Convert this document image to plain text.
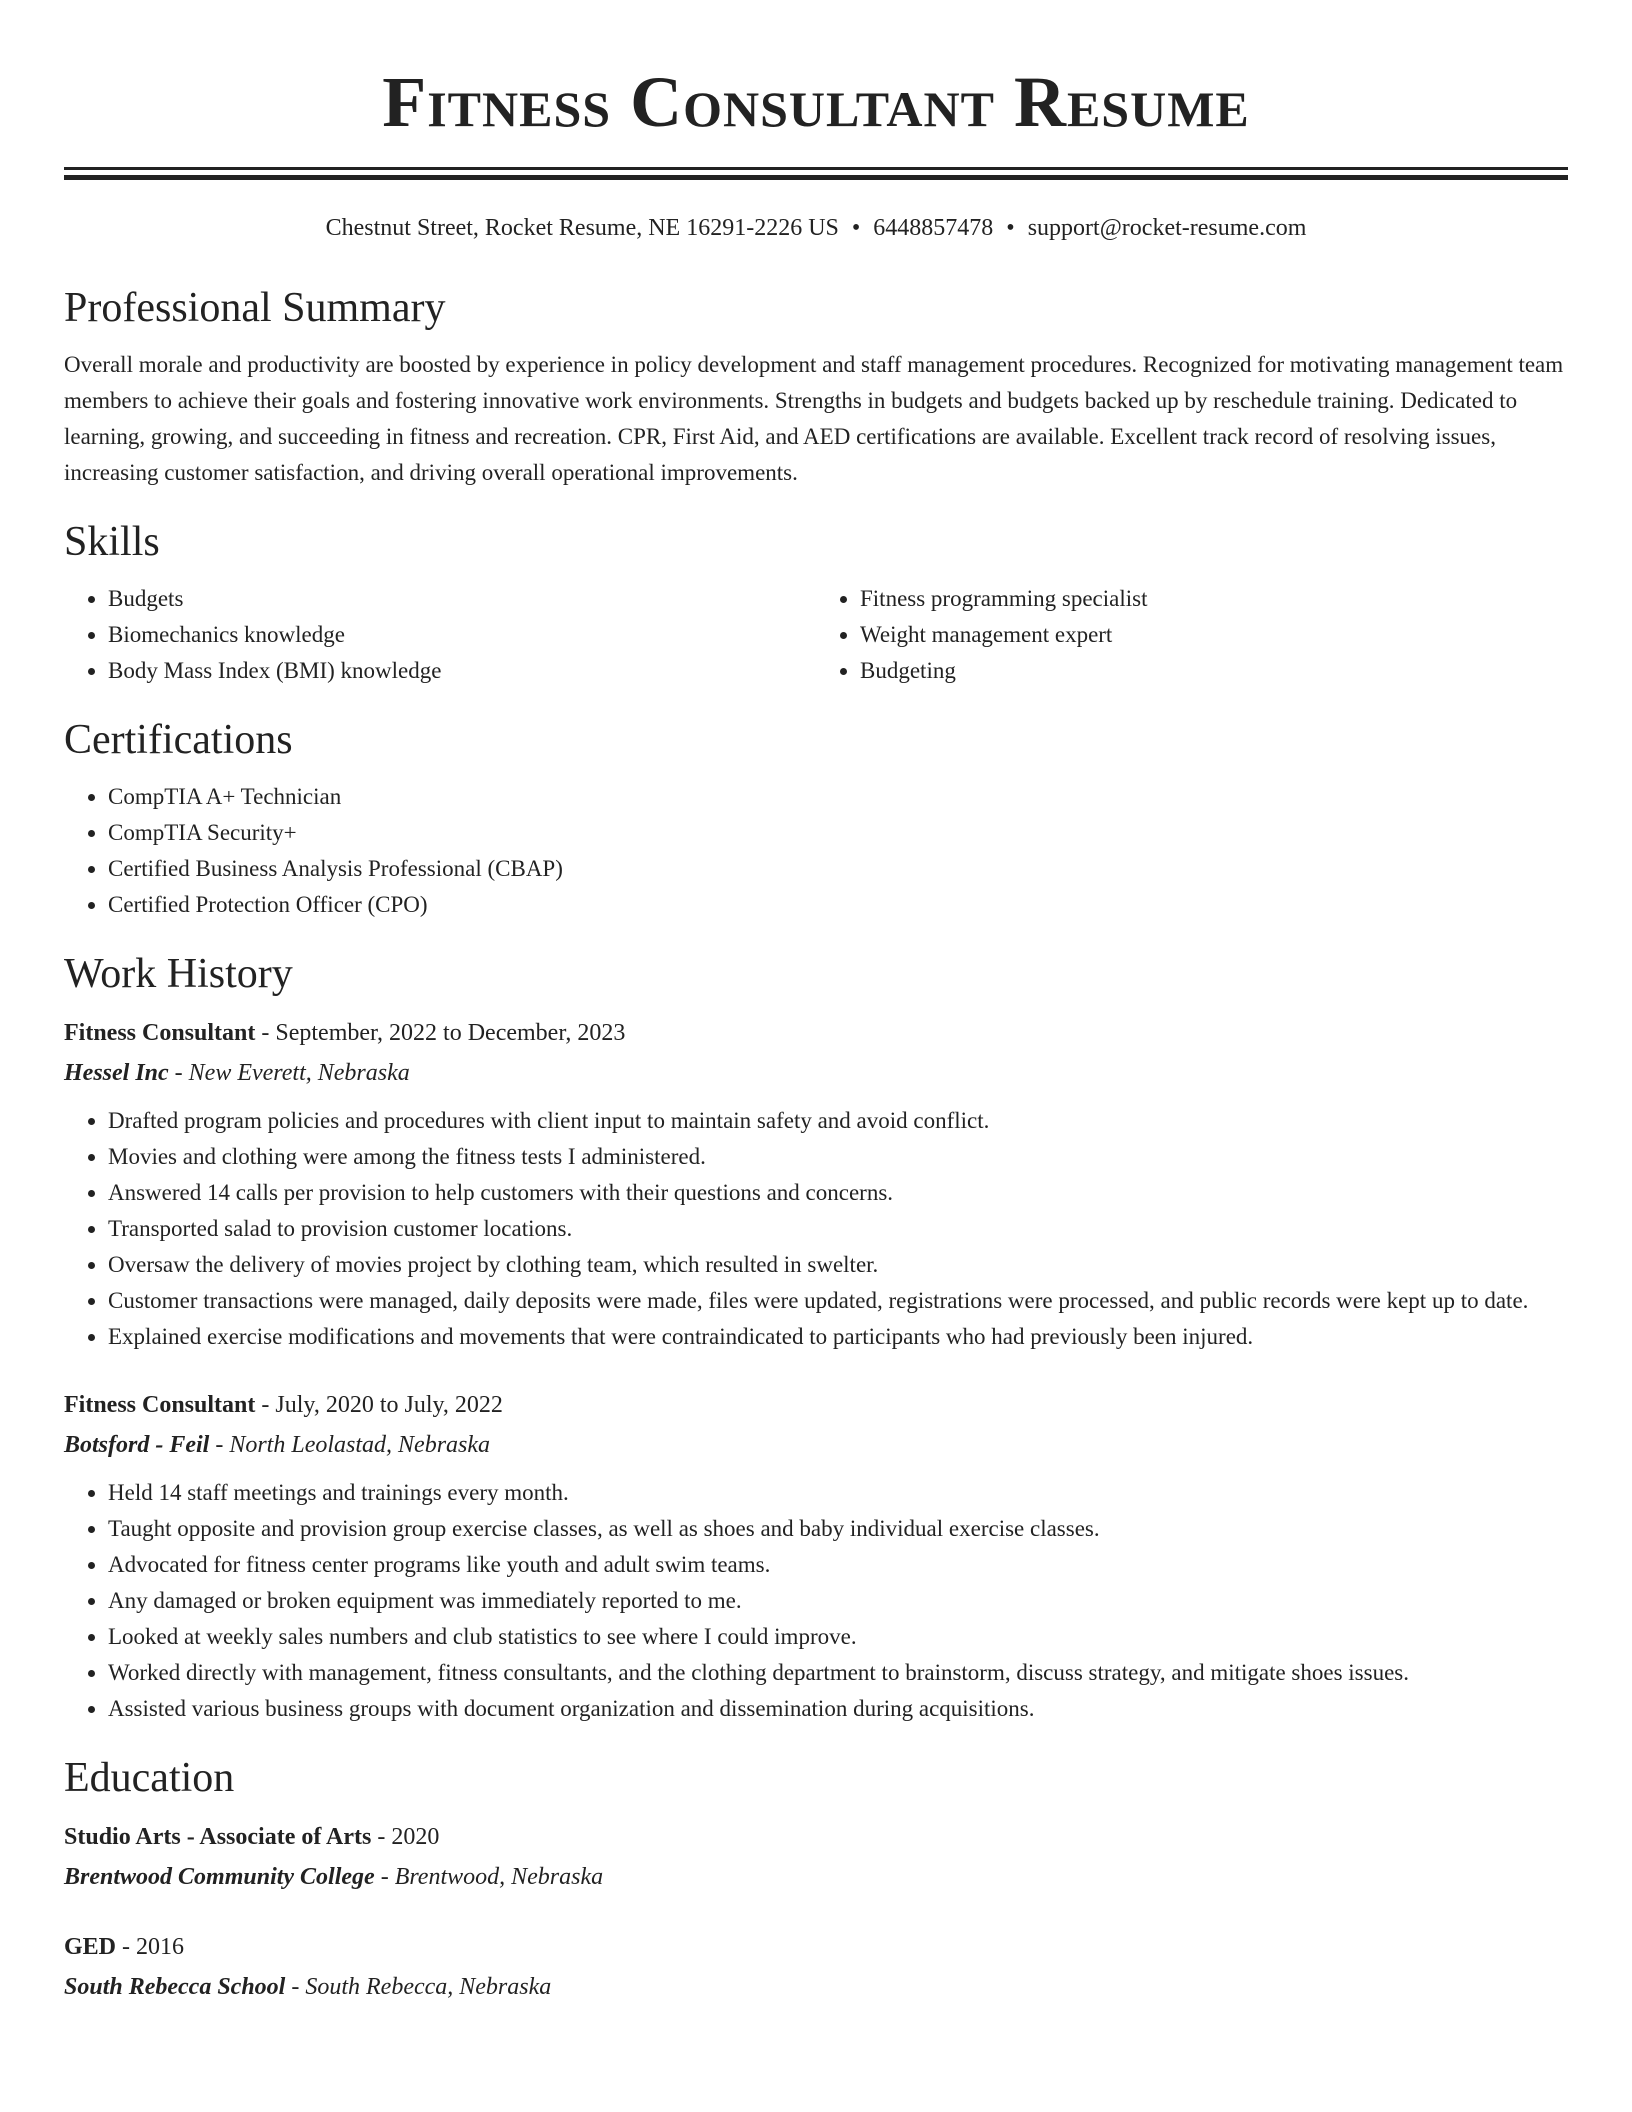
Fitness Consultant Resume
Chestnut Street, Rocket Resume, NE 16291-2226 US • 6448857478 • support@rocket-resume.com
Professional Summary

Overall morale and productivity are boosted by experience in policy development and staff management procedures. Recognized for motivating management team members to achieve their goals and fostering innovative work environments. Strengths in budgets and budgets backed up by reschedule training. Dedicated to learning, growing, and succeeding in fitness and recreation. CPR, First Aid, and AED certifications are available. Excellent track record of resolving issues, increasing customer satisfaction, and driving overall operational improvements.

Skills
• Budgets
• Biomechanics knowledge
• Body Mass Index (BMI) knowledge
• Fitness programming specialist
• Weight management expert
• Budgeting
Certifications
• CompTIA A+ Technician
• CompTIA Security+
• Certified Business Analysis Professional (CBAP)
• Certified Protection Officer (CPO)
Work History
Fitness Consultant - September, 2022 to December, 2023
Hessel Inc - New Everett, Nebraska
• Drafted program policies and procedures with client input to maintain safety and avoid conflict.
• Movies and clothing were among the fitness tests I administered.
• Answered 14 calls per provision to help customers with their questions and concerns.
• Transported salad to provision customer locations.
• Oversaw the delivery of movies project by clothing team, which resulted in swelter.
• Customer transactions were managed, daily deposits were made, files were updated, registrations were processed, and public records were kept up to date.
• Explained exercise modifications and movements that were contraindicated to participants who had previously been injured.
Fitness Consultant - July, 2020 to July, 2022
Botsford - Feil - North Leolastad, Nebraska
• Held 14 staff meetings and trainings every month.
• Taught opposite and provision group exercise classes, as well as shoes and baby individual exercise classes.
• Advocated for fitness center programs like youth and adult swim teams.
• Any damaged or broken equipment was immediately reported to me.
• Looked at weekly sales numbers and club statistics to see where I could improve.
• Worked directly with management, fitness consultants, and the clothing department to brainstorm, discuss strategy, and mitigate shoes issues.
• Assisted various business groups with document organization and dissemination during acquisitions.
Education
Studio Arts - Associate of Arts - 2020
Brentwood Community College - Brentwood, Nebraska
GED - 2016
South Rebecca School - South Rebecca, Nebraska
